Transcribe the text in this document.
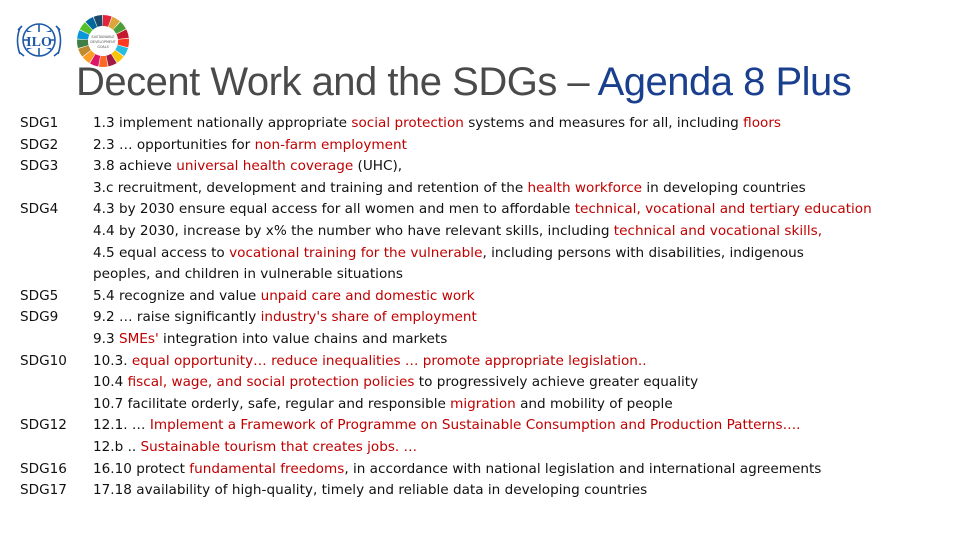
ILO	SUSTAINABLE
DEVELOPMENT
GOALS
Decent Work and the SDGs – Agenda 8 Plus
SDG1
SDG2
SDG3
SDG4
SDG5
SDG9
SDG10
SDG12
SDG16
SDG17
1.3 implement nationally appropriate social protection systems and measures for all, including floors
2.3 … opportunities for non-farm employment
3.8 achieve universal health coverage (UHC),
3.c recruitment, development and training and retention of the health workforce in developing countries
4.3 by 2030 ensure equal access for all women and men to affordable technical, vocational and tertiary education
4.4 by 2030, increase by x% the number who have relevant skills, including technical and vocational skills,
4.5 equal access to vocational training for the vulnerable, including persons with disabilities, indigenous
peoples, and children in vulnerable situations
5.4 recognize and value unpaid care and domestic work
9.2 … raise significantly industry's share of employment
9.3 SMEs' integration into value chains and markets
10.3. equal opportunity… reduce inequalities … promote appropriate legislation..
10.4 fiscal, wage, and social protection policies to progressively achieve greater equality
10.7 facilitate orderly, safe, regular and responsible migration and mobility of people
12.1. … Implement a Framework of Programme on Sustainable Consumption and Production Patterns….
12.b .. Sustainable tourism that creates jobs. …
16.10 protect fundamental freedoms, in accordance with national legislation and international agreements
17.18 availability of high-quality, timely and reliable data in developing countries
